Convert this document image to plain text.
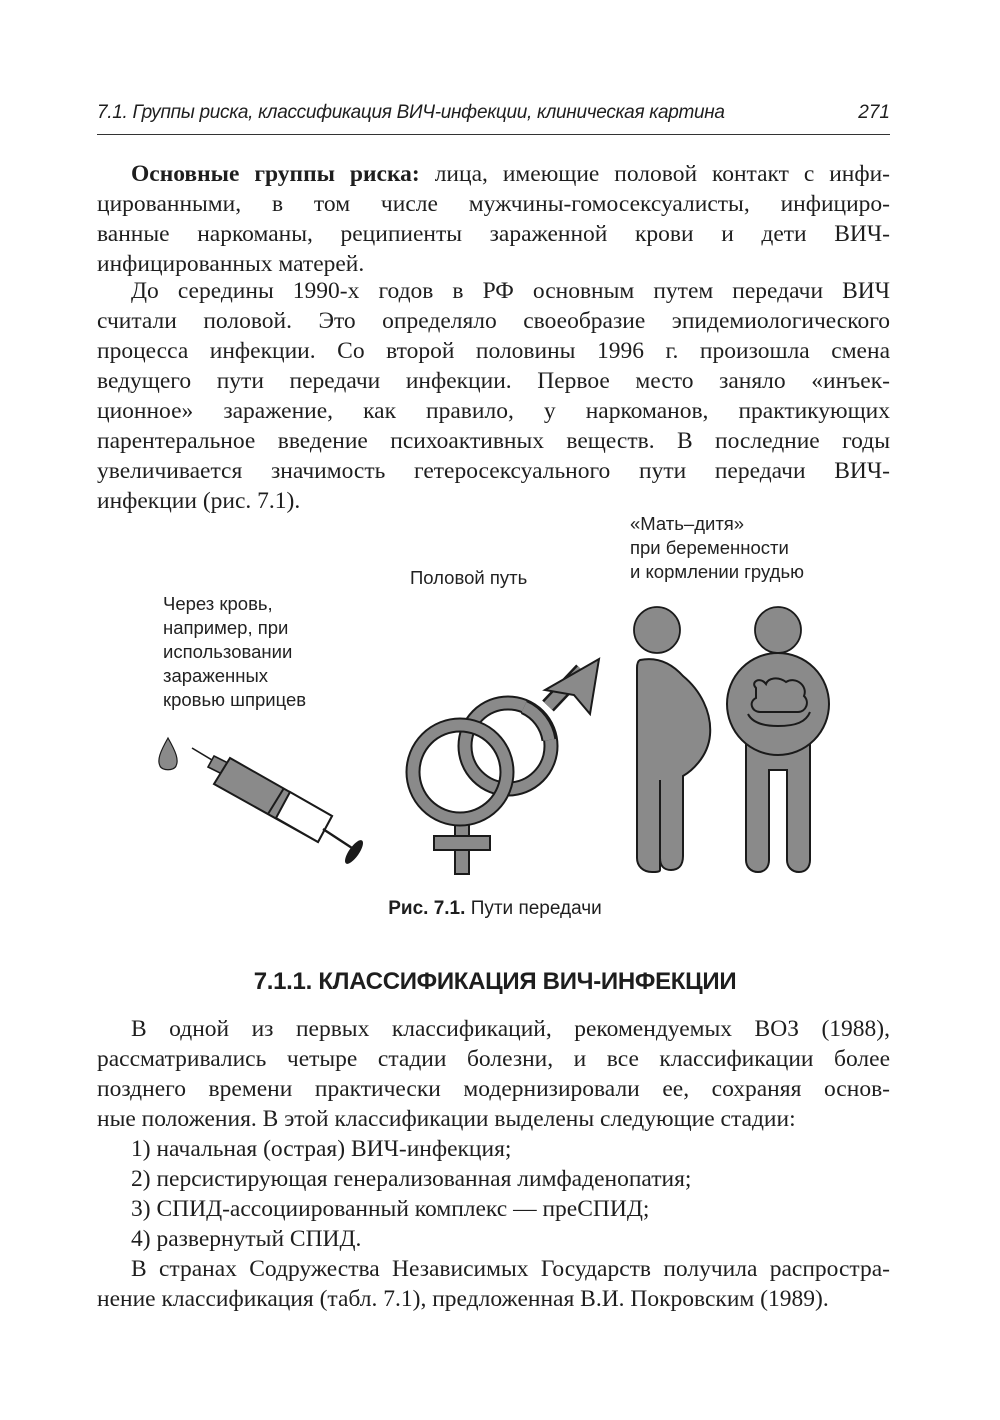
7.1. Группы риска, классификация ВИЧ-инфекции, клиническая картина	271
Основные группы риска: лица, имеющие половой контакт с инфи-
цированными, в том числе мужчины-гомосексуалисты, инфициро-
ванные наркоманы, реципиенты зараженной крови и дети ВИЧ-
инфицированных матерей.
До середины 1990-х годов в РФ основным путем передачи ВИЧ
считали половой. Это определяло своеобразие эпидемиологического
процесса инфекции. Со второй половины 1996 г. произошла смена
ведущего пути передачи инфекции. Первое место заняло «инъек-
ционное» заражение, как правило, у наркоманов, практикующих
парентеральное введение психоактивных веществ. В последние годы
увеличивается значимость гетеросексуального пути передачи ВИЧ-
инфекции (рис. 7.1).
Через кровь,
например, при
использовании
зараженных
кровью шприцев
Половой путь
«Мать–дитя»
при беременности
и кормлении грудью
Рис. 7.1. Пути передачи
7.1.1. КЛАССИФИКАЦИЯ ВИЧ-ИНФЕКЦИИ
В одной из первых классификаций, рекомендуемых ВОЗ (1988),
рассматривались четыре стадии болезни, и все классификации более
позднего времени практически модернизировали ее, сохраняя основ-
ные положения. В этой классификации выделены следующие стадии:
1) начальная (острая) ВИЧ-инфекция;
2) персистирующая генерализованная лимфаденопатия;
3) СПИД-ассоциированный комплекс — преСПИД;
4) развернутый СПИД.
В странах Содружества Независимых Государств получила распростра-
нение классификация (табл. 7.1), предложенная В.И. Покровским (1989).
